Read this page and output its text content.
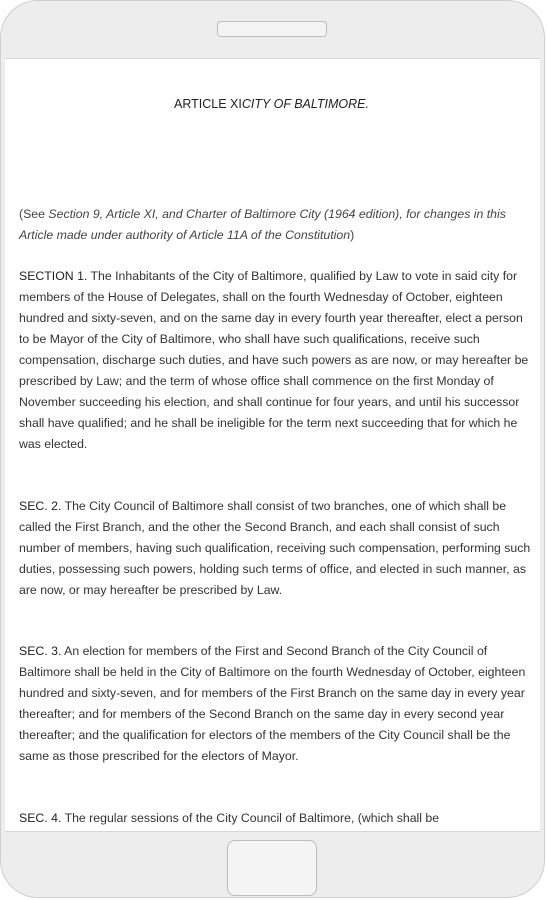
ARTICLE XICITY OF BALTIMORE.
(See Section 9, Article XI, and Charter of Baltimore City (1964 edition), for changes in this Article made under authority of Article 11A of the Constitution)
SECTION 1. The Inhabitants of the City of Baltimore, qualified by Law to vote in said city for members of the House of Delegates, shall on the fourth Wednesday of October, eighteen hundred and sixty-seven, and on the same day in every fourth year thereafter, elect a person to be Mayor of the City of Baltimore, who shall have such qualifications, receive such compensation, discharge such duties, and have such powers as are now, or may hereafter be prescribed by Law; and the term of whose office shall commence on the first Monday of November succeeding his election, and shall continue for four years, and until his successor shall have qualified; and he shall be ineligible for the term next succeeding that for which he was elected.
SEC. 2. The City Council of Baltimore shall consist of two branches, one of which shall be called the First Branch, and the other the Second Branch, and each shall consist of such number of members, having such qualification, receiving such compensation, performing such duties, possessing such powers, holding such terms of office, and elected in such manner, as are now, or may hereafter be prescribed by Law.
SEC. 3. An election for members of the First and Second Branch of the City Council of Baltimore shall be held in the City of Baltimore on the fourth Wednesday of October, eighteen hundred and sixty-seven, and for members of the First Branch on the same day in every year thereafter; and for members of the Second Branch on the same day in every second year thereafter; and the qualification for electors of the members of the City Council shall be the same as those prescribed for the electors of Mayor.
SEC. 4. The regular sessions of the City Council of Baltimore, (which shall be
